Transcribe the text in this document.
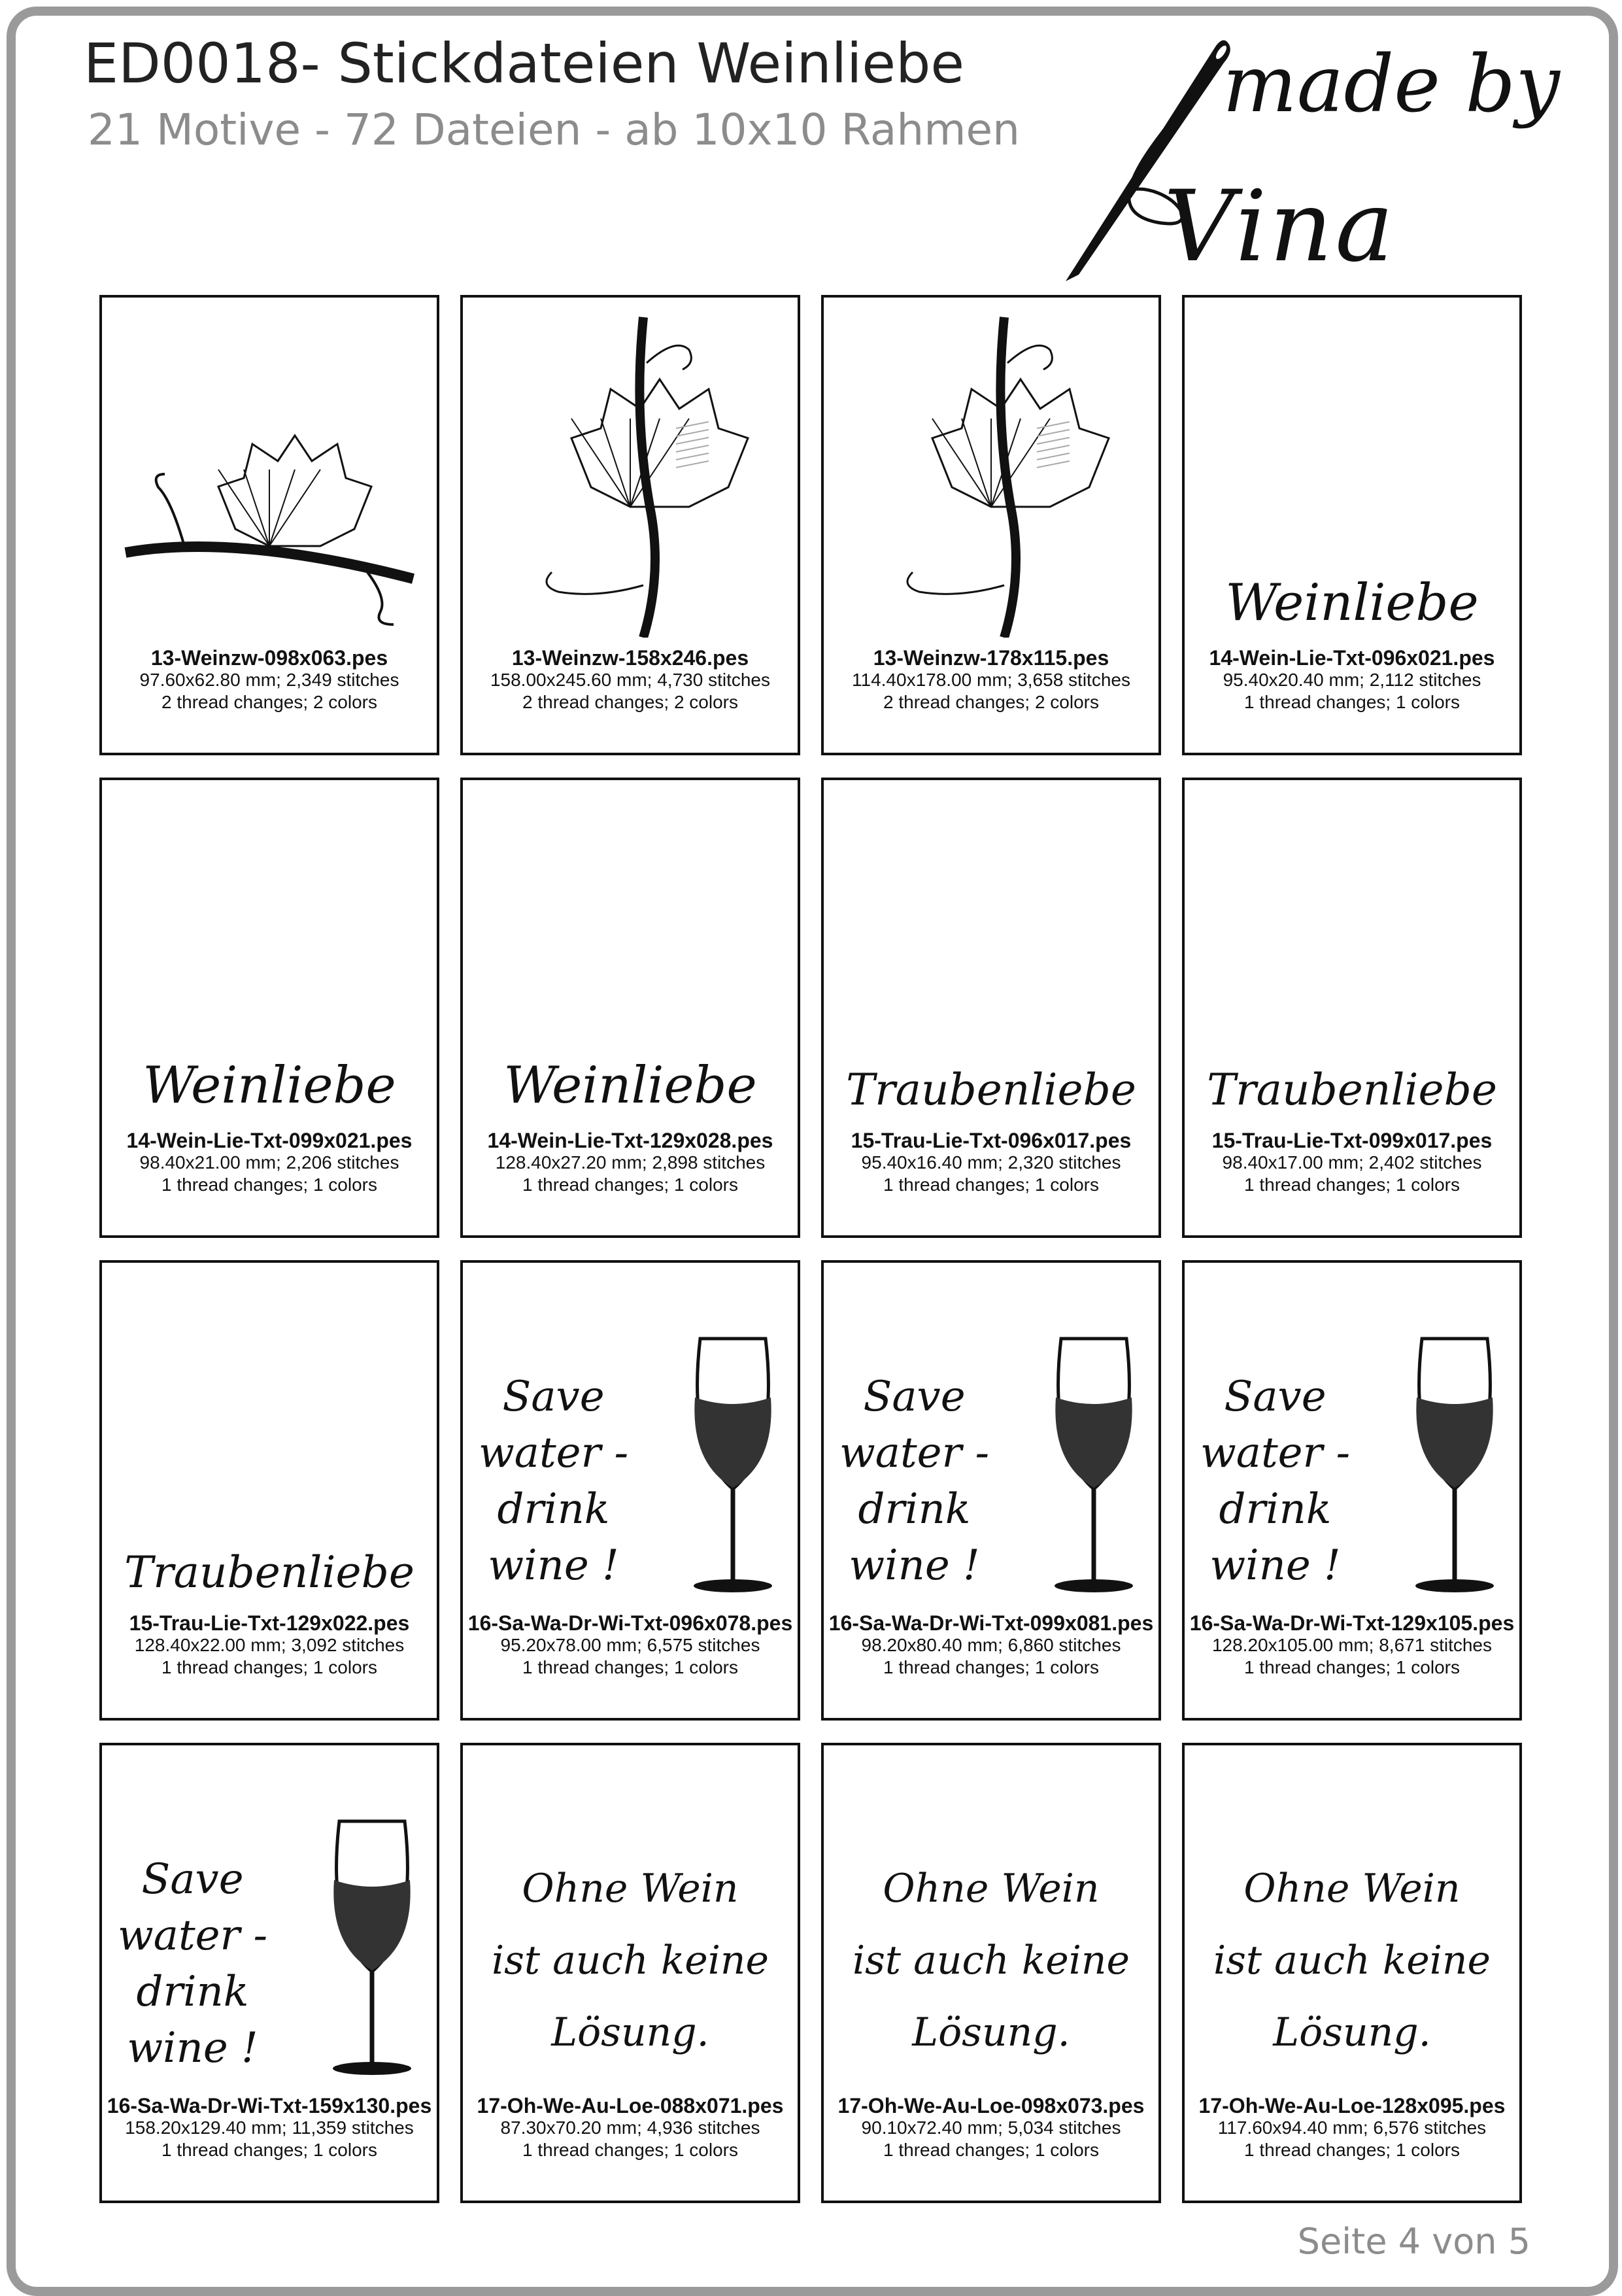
ED0018- Stickdateien Weinliebe
21 Motive - 72 Dateien - ab 10x10 Rahmen	made by
Vina
13-Weinzw-098x063.pes
97.60x62.80 mm; 2,349 stitches
2 thread changes; 2 colors
13-Weinzw-158x246.pes
158.00x245.60 mm; 4,730 stitches
2 thread changes; 2 colors
13-Weinzw-178x115.pes
114.40x178.00 mm; 3,658 stitches
2 thread changes; 2 colors
Weinliebe
14-Wein-Lie-Txt-096x021.pes
95.40x20.40 mm; 2,112 stitches
1 thread changes; 1 colors
Weinliebe
14-Wein-Lie-Txt-099x021.pes
98.40x21.00 mm; 2,206 stitches
1 thread changes; 1 colors
Weinliebe
14-Wein-Lie-Txt-129x028.pes
128.40x27.20 mm; 2,898 stitches
1 thread changes; 1 colors
Traubenliebe
15-Trau-Lie-Txt-096x017.pes
95.40x16.40 mm; 2,320 stitches
1 thread changes; 1 colors
Traubenliebe
15-Trau-Lie-Txt-099x017.pes
98.40x17.00 mm; 2,402 stitches
1 thread changes; 1 colors
Traubenliebe
15-Trau-Lie-Txt-129x022.pes
128.40x22.00 mm; 3,092 stitches
1 thread changes; 1 colors
Save
water -
drink
wine !
16-Sa-Wa-Dr-Wi-Txt-096x078.pes
95.20x78.00 mm; 6,575 stitches
1 thread changes; 1 colors
Save
water -
drink
wine !
16-Sa-Wa-Dr-Wi-Txt-099x081.pes
98.20x80.40 mm; 6,860 stitches
1 thread changes; 1 colors
Save
water -
drink
wine !
16-Sa-Wa-Dr-Wi-Txt-129x105.pes
128.20x105.00 mm; 8,671 stitches
1 thread changes; 1 colors
Save
water -
drink
wine !
16-Sa-Wa-Dr-Wi-Txt-159x130.pes
158.20x129.40 mm; 11,359 stitches
1 thread changes; 1 colors
Ohne Wein
ist auch keine
Lösung.
17-Oh-We-Au-Loe-088x071.pes
87.30x70.20 mm; 4,936 stitches
1 thread changes; 1 colors
Ohne Wein
ist auch keine
Lösung.
17-Oh-We-Au-Loe-098x073.pes
90.10x72.40 mm; 5,034 stitches
1 thread changes; 1 colors
Ohne Wein
ist auch keine
Lösung.
17-Oh-We-Au-Loe-128x095.pes
117.60x94.40 mm; 6,576 stitches
1 thread changes; 1 colors
Seite 4 von 5
